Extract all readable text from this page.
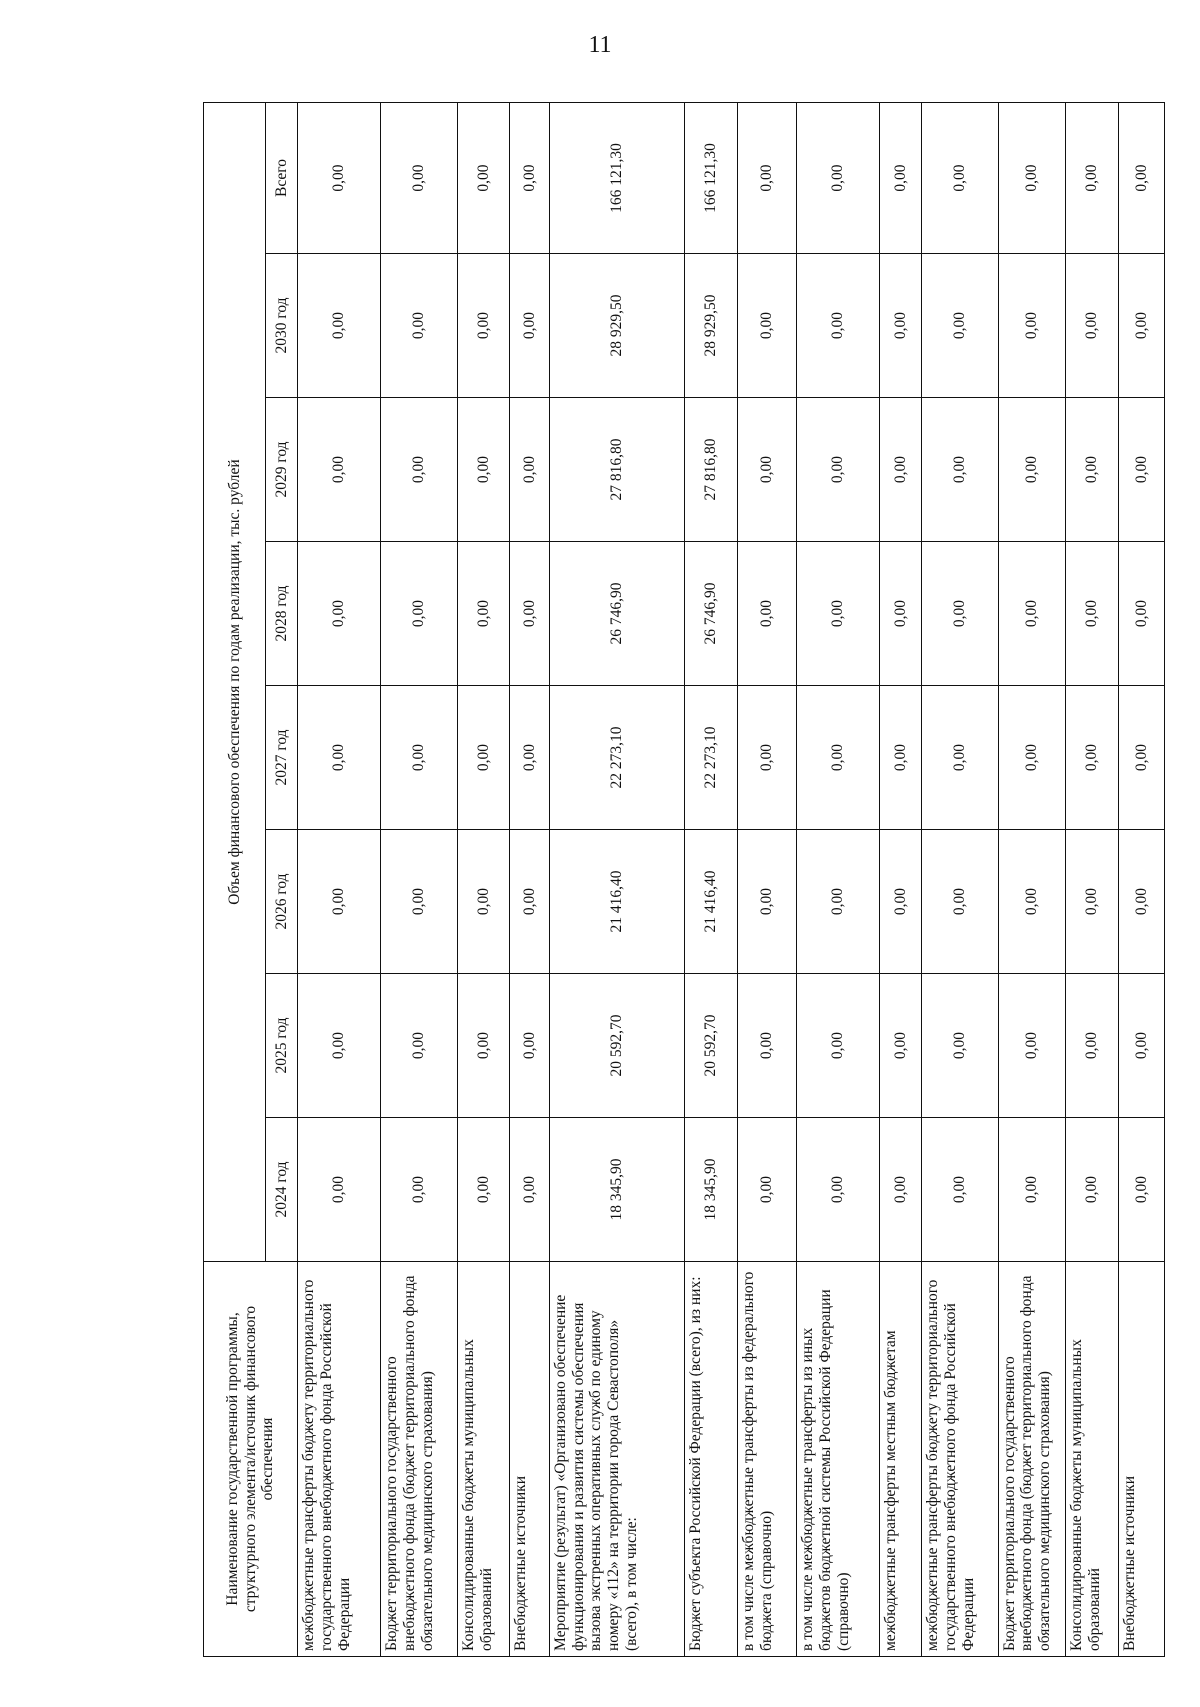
11
Наименование государственной программы, структурного элемента/источник финансового обеспечения	Объем финансового обеспечения по годам реализации, тыс. рублей							
	2024 год	2025 год	2026 год	2027 год	2028 год	2029 год	2030 год	Всего
межбюджетные трансферты бюджету территориального государственного внебюджетного фонда Российской Федерации	0,00	0,00	0,00	0,00	0,00	0,00	0,00	0,00
Бюджет территориального государственного внебюджетного фонда (бюджет территориального фонда обязательного медицинского страхования)	0,00	0,00	0,00	0,00	0,00	0,00	0,00	0,00
Консолидированные бюджеты муниципальных образований	0,00	0,00	0,00	0,00	0,00	0,00	0,00	0,00
Внебюджетные источники	0,00	0,00	0,00	0,00	0,00	0,00	0,00	0,00
Мероприятие (результат) «Организовано обеспечение функционирования и развития системы обеспечения вызова экстренных оперативных служб по единому номеру «112» на территории города Севастополя» (всего), в том числе:	18 345,90	20 592,70	21 416,40	22 273,10	26 746,90	27 816,80	28 929,50	166 121,30
Бюджет субъекта Российской Федерации (всего), из них:	18 345,90	20 592,70	21 416,40	22 273,10	26 746,90	27 816,80	28 929,50	166 121,30
в том числе межбюджетные трансферты из федерального бюджета (справочно)	0,00	0,00	0,00	0,00	0,00	0,00	0,00	0,00
в том числе межбюджетные трансферты из иных бюджетов бюджетной системы Российской Федерации (справочно)	0,00	0,00	0,00	0,00	0,00	0,00	0,00	0,00
межбюджетные трансферты местным бюджетам	0,00	0,00	0,00	0,00	0,00	0,00	0,00	0,00
межбюджетные трансферты бюджету территориального государственного внебюджетного фонда Российской Федерации	0,00	0,00	0,00	0,00	0,00	0,00	0,00	0,00
Бюджет территориального государственного внебюджетного фонда (бюджет территориального фонда обязательного медицинского страхования)	0,00	0,00	0,00	0,00	0,00	0,00	0,00	0,00
Консолидированные бюджеты муниципальных образований	0,00	0,00	0,00	0,00	0,00	0,00	0,00	0,00
Внебюджетные источники	0,00	0,00	0,00	0,00	0,00	0,00	0,00	0,00
